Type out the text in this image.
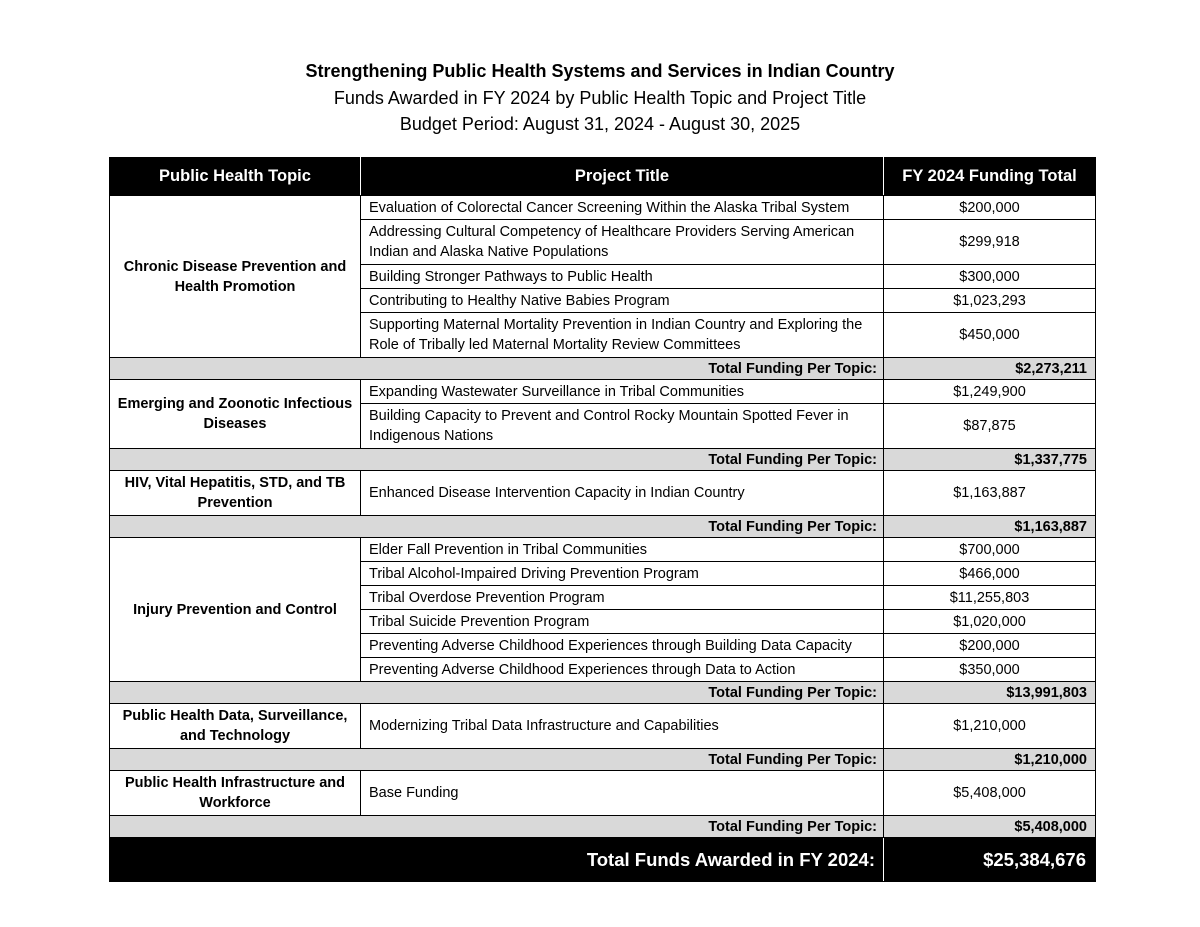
Strengthening Public Health Systems and Services in Indian Country
Funds Awarded in FY 2024 by Public Health Topic and Project Title
Budget Period: August 31, 2024 - August 30, 2025
Public Health Topic	Project Title	FY 2024 Funding Total
Chronic Disease Prevention and Health Promotion	Evaluation of Colorectal Cancer Screening Within the Alaska Tribal System	$200,000
	Addressing Cultural Competency of Healthcare Providers Serving American Indian and Alaska Native Populations	$299,918
	Building Stronger Pathways to Public Health	$300,000
	Contributing to Healthy Native Babies Program	$1,023,293
	Supporting Maternal Mortality Prevention in Indian Country and Exploring the Role of Tribally led Maternal Mortality Review Committees	$450,000
Total Funding Per Topic:		$2,273,211
Emerging and Zoonotic Infectious Diseases	Expanding Wastewater Surveillance in Tribal Communities	$1,249,900
	Building Capacity to Prevent and Control Rocky Mountain Spotted Fever in Indigenous Nations	$87,875
Total Funding Per Topic:		$1,337,775
HIV, Vital Hepatitis, STD, and TB Prevention	Enhanced Disease Intervention Capacity in Indian Country	$1,163,887
Total Funding Per Topic:		$1,163,887
Injury Prevention and Control	Elder Fall Prevention in Tribal Communities	$700,000
	Tribal Alcohol-Impaired Driving Prevention Program	$466,000
	Tribal Overdose Prevention Program	$11,255,803
	Tribal Suicide Prevention Program	$1,020,000
	Preventing Adverse Childhood Experiences through Building Data Capacity	$200,000
	Preventing Adverse Childhood Experiences through Data to Action	$350,000
Total Funding Per Topic:		$13,991,803
Public Health Data, Surveillance, and Technology	Modernizing Tribal Data Infrastructure and Capabilities	$1,210,000
Total Funding Per Topic:		$1,210,000
Public Health Infrastructure and Workforce	Base Funding	$5,408,000
Total Funding Per Topic:		$5,408,000
Total Funds Awarded in FY 2024:		$25,384,676
